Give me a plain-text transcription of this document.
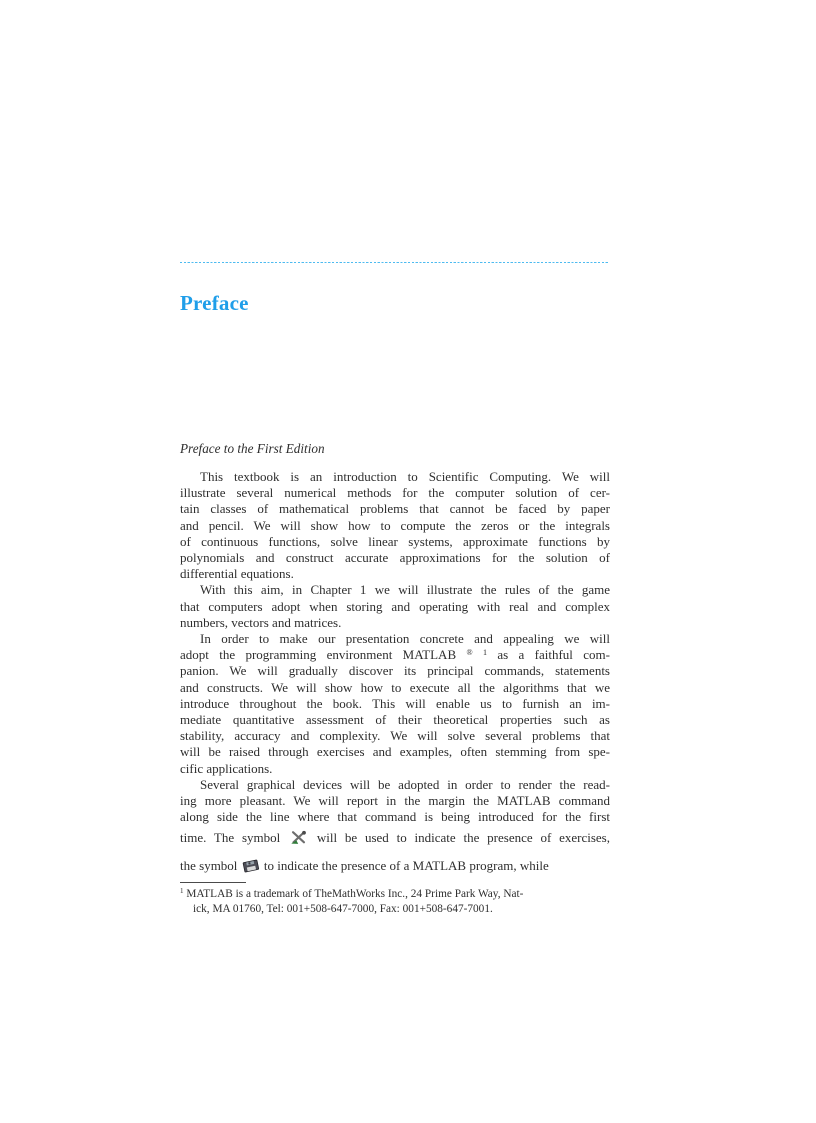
Preface
Preface to the First Edition
This textbook is an introduction to Scientific Computing. We will
illustrate several numerical methods for the computer solution of cer-
tain classes of mathematical problems that cannot be faced by paper
and pencil. We will show how to compute the zeros or the integrals
of continuous functions, solve linear systems, approximate functions by
polynomials and construct accurate approximations for the solution of
differential equations.
With this aim, in Chapter 1 we will illustrate the rules of the game
that computers adopt when storing and operating with real and complex
numbers, vectors and matrices.
In order to make our presentation concrete and appealing we will
adopt the programming environment MATLAB ® $^1$ as a faithful com-
panion. We will gradually discover its principal commands, statements
and constructs. We will show how to execute all the algorithms that we
introduce throughout the book. This will enable us to furnish an im-
mediate quantitative assessment of their theoretical properties such as
stability, accuracy and complexity. We will solve several problems that
will be raised through exercises and examples, often stemming from spe-
cific applications.
Several graphical devices will be adopted in order to render the read-
ing more pleasant. We will report in the margin the MATLAB command
along side the line where that command is being introduced for the first
time. The symbol  will be used to indicate the presence of exercises,
the symbol  to indicate the presence of a MATLAB program, while
$^1$ MATLAB is a trademark of TheMathWorks Inc., 24 Prime Park Way, Nat-
ick, MA 01760, Tel: 001+508-647-7000, Fax: 001+508-647-7001.
